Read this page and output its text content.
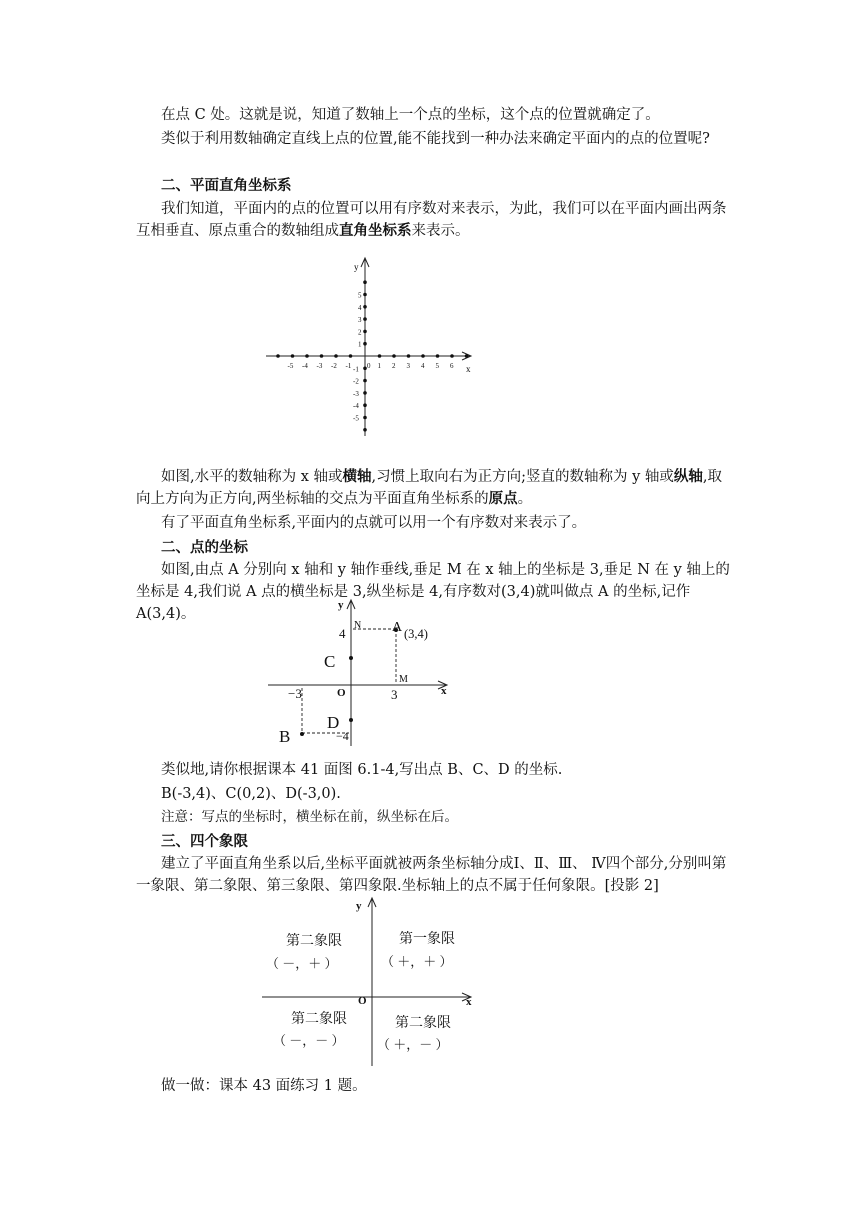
在点 C 处。这就是说，知道了数轴上一个点的坐标，这个点的位置就确定了。

类似于利用数轴确定直线上点的位置,能不能找到一种办法来确定平面内的点的位置呢?

二、平面直角坐标系

我们知道，平面内的点的位置可以用有序数对来表示，为此，我们可以在平面内画出两条互相垂直、原点重合的数轴组成直角坐标系来表示。

x
y
0
-5 -4 -3 -2 -1	1 2 3 4 5 6
5
4
3
2
1
-1
-2
-3
-4
-5

如图,水平的数轴称为 x 轴或横轴,习惯上取向右为正方向;竖直的数轴称为 y 轴或纵轴,取向上方向为正方向,两坐标轴的交点为平面直角坐标系的原点。

有了平面直角坐标系,平面内的点就可以用一个有序数对来表示了。

二、点的坐标

如图,由点 A 分别向 x 轴和 y 轴作垂线,垂足 M 在 x 轴上的坐标是 3,垂足 N 在 y 轴上的坐标是 4,我们说 A 点的横坐标是 3,纵坐标是 4,有序数对(3,4)就叫做点 A 的坐标,记作 A(3,4)。

y
x
O
4
N A (3,4)
M
C
−3	3
D
B	−4

类似地,请你根据课本 41 面图 6.1-4,写出点 B、C、D 的坐标.

B(-3,4)、C(0,2)、D(-3,0).

注意：写点的坐标时，横坐标在前，纵坐标在后。

三、四个象限

建立了平面直角坐系以后,坐标平面就被两条坐标轴分成Ⅰ、Ⅱ、Ⅲ、 Ⅳ四个部分,分别叫第一象限、第二象限、第三象限、第四象限.坐标轴上的点不属于任何象限。[投影 2]

y
x
O
第二象限
（ －，＋ ）
第一象限
（ ＋，＋ ）
第二象限
（ －，－ ）
第二象限
（ ＋，－ ）

做一做：课本 43 面练习 1 题。
